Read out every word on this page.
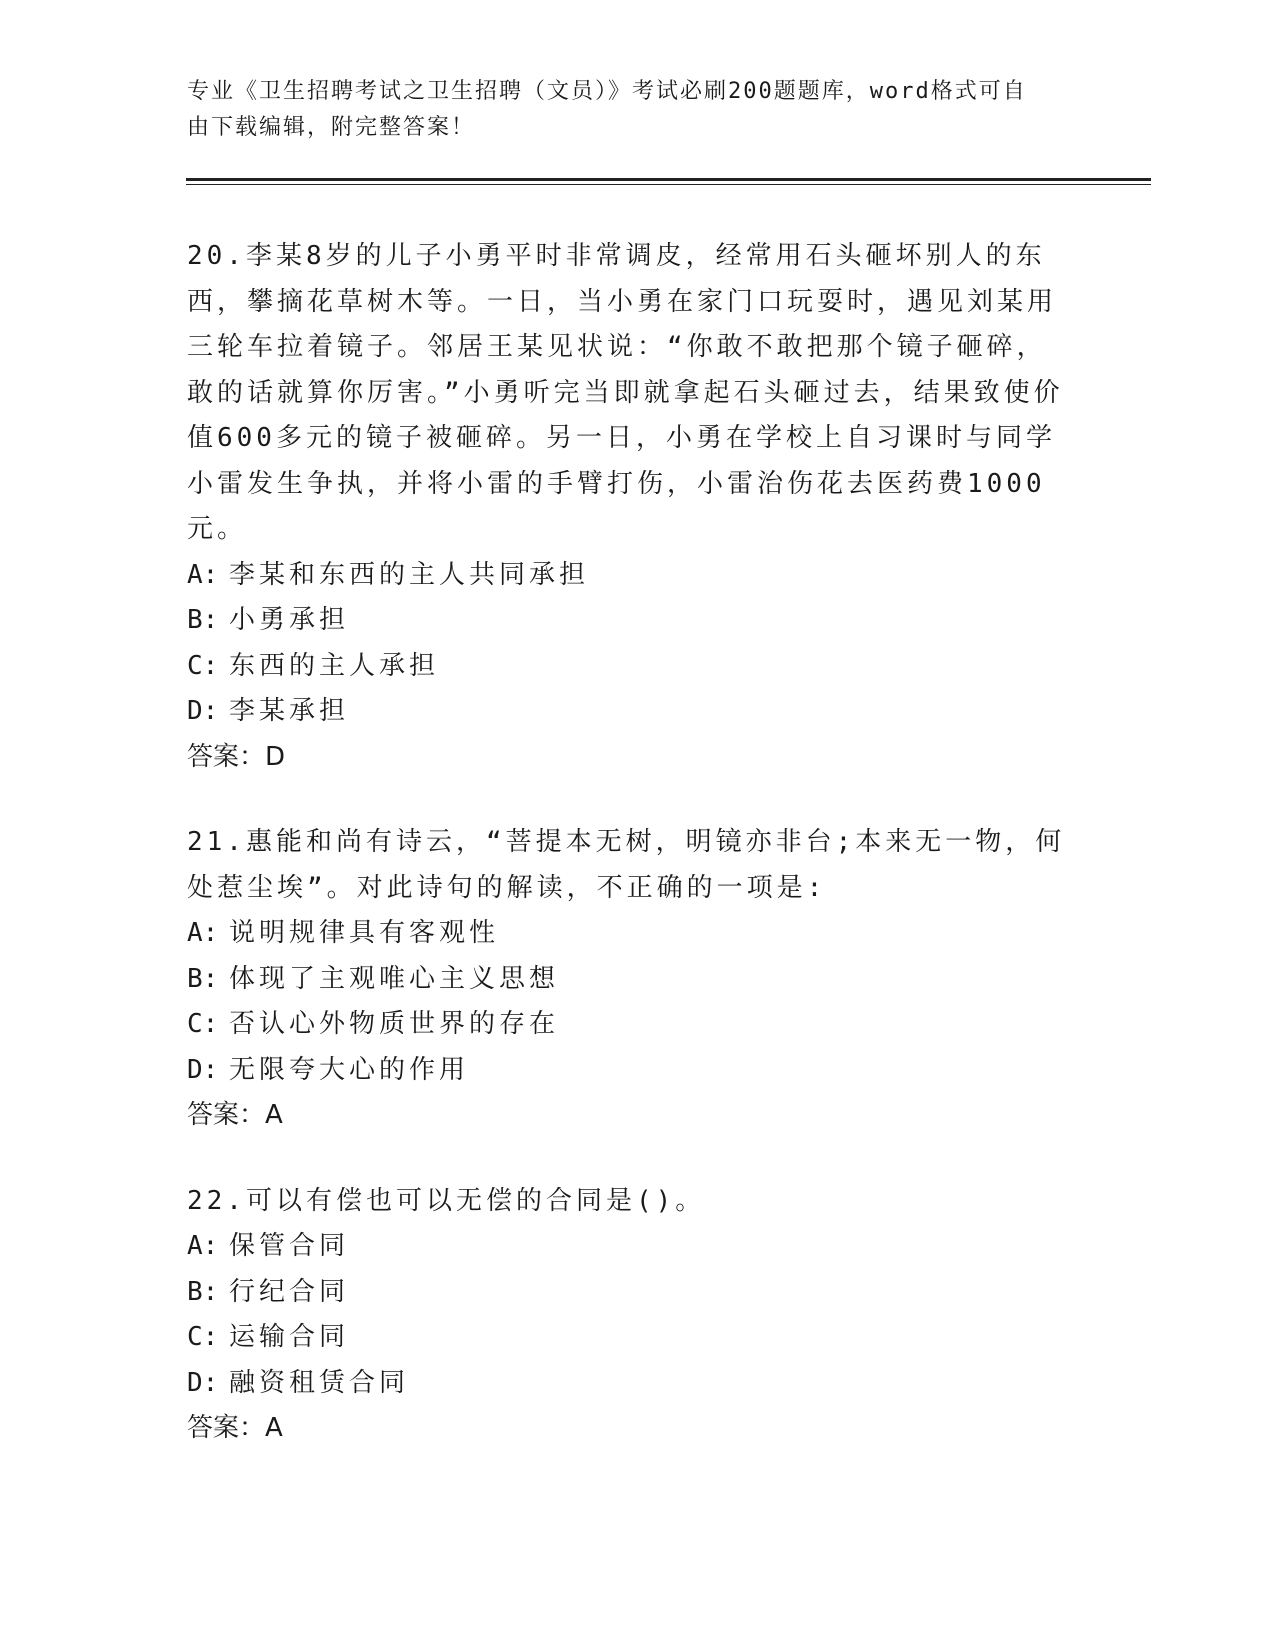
专业《卫生招聘考试之卫生招聘（文员）》考试必刷200题题库，word格式可自
由下载编辑，附完整答案！

20.李某8岁的儿子小勇平时非常调皮，经常用石头砸坏别人的东西，攀摘花草树木等。一日，当小勇在家门口玩耍时，遇见刘某用三轮车拉着镜子。邻居王某见状说：“你敢不敢把那个镜子砸碎，敢的话就算你厉害。”小勇听完当即就拿起石头砸过去，结果致使价值600多元的镜子被砸碎。另一日，小勇在学校上自习课时与同学小雷发生争执，并将小雷的手臂打伤，小雷治伤花去医药费1000元。

A: 李某和东西的主人共同承担
B: 小勇承担
C: 东西的主人承担
D: 李某承担

答案：D

21.惠能和尚有诗云，“菩提本无树，明镜亦非台;本来无一物，何处惹尘埃”。对此诗句的解读，不正确的一项是:

A: 说明规律具有客观性
B: 体现了主观唯心主义思想
C: 否认心外物质世界的存在
D: 无限夸大心的作用

答案：A

22.可以有偿也可以无偿的合同是()。

A: 保管合同
B: 行纪合同
C: 运输合同
D: 融资租赁合同

答案：A
